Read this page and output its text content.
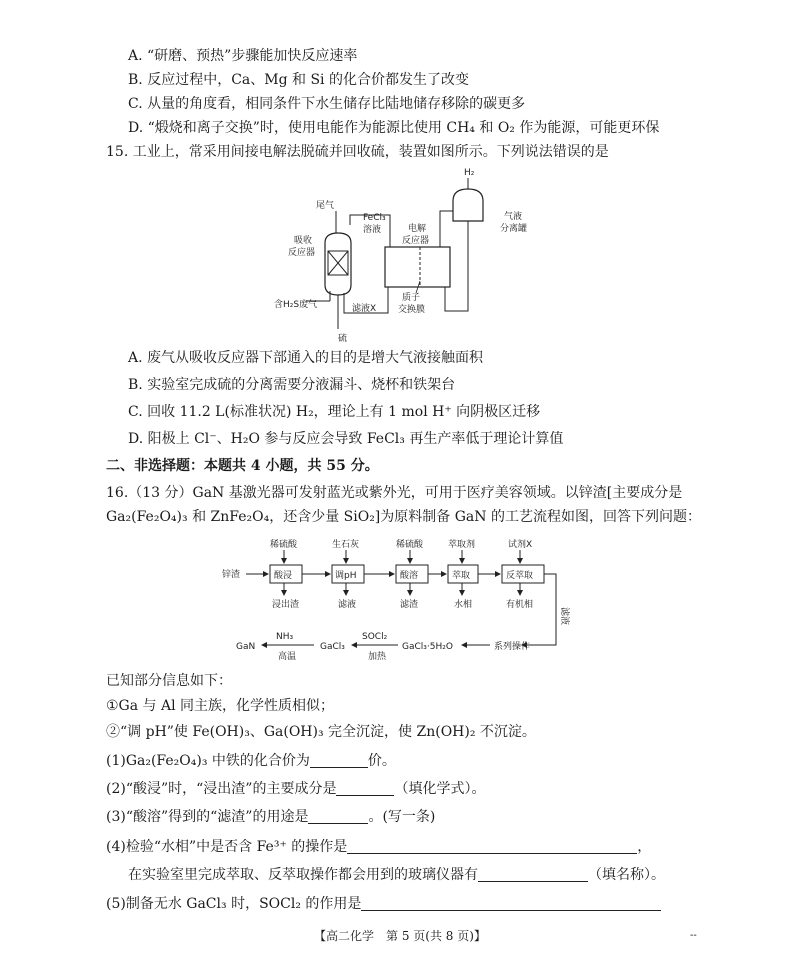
A. “研磨、预热”步骤能加快反应速率
B. 反应过程中，Ca、Mg 和 Si 的化合价都发生了改变
C. 从量的角度看，相同条件下水生储存比陆地储存移除的碳更多
D. “煅烧和离子交换”时，使用电能作为能源比使用 CH₄ 和 O₂ 作为能源，可能更环保
15. 工业上，常采用间接电解法脱硫并回收硫，装置如图所示。下列说法错误的是
H₂
气液
分离罐
电解
反应器
FeCl₃
溶液
尾气
吸收
反应器
含H₂S废气	滤液X
质子
交换膜
硫
A. 废气从吸收反应器下部通入的目的是增大气液接触面积
B. 实验室完成硫的分离需要分液漏斗、烧杯和铁架台
C. 回收 11.2 L(标准状况) H₂，理论上有 1 mol H⁺ 向阴极区迁移
D. 阳极上 Cl⁻、H₂O 参与反应会导致 FeCl₃ 再生产率低于理论计算值
二、非选择题：本题共 4 小题，共 55 分。
16.（13 分）GaN 基激光器可发射蓝光或紫外光，可用于医疗美容领域。以锌渣[主要成分是
Ga₂(Fe₂O₄)₃ 和 ZnFe₂O₄，还含少量 SiO₂]为原料制备 GaN 的工艺流程如图，回答下列问题：
稀硫酸	生石灰	稀硫酸	萃取剂	试剂X
锌渣	酸浸	调pH	酸溶	萃取	反萃取
浸出渣	滤液	滤渣	水相	有机相
滤液
系列操作
GaCl₃·5H₂O
SOCl₂
加热
GaCl₃
NH₃
高温
GaN
已知部分信息如下：
①Ga 与 Al 同主族，化学性质相似；
②“调 pH”使 Fe(OH)₃、Ga(OH)₃ 完全沉淀，使 Zn(OH)₂ 不沉淀。
(1)Ga₂(Fe₂O₄)₃ 中铁的化合价为	价。
(2)“酸浸”时，“浸出渣”的主要成分是	（填化学式）。
(3)“酸溶”得到的“滤渣”的用途是	。(写一条)
(4)检验“水相”中是否含 Fe³⁺ 的操作是	，
在实验室里完成萃取、反萃取操作都会用到的玻璃仪器有	（填名称）。
(5)制备无水 GaCl₃ 时，SOCl₂ 的作用是
【高二化学　第 5 页(共 8 页)】	--
